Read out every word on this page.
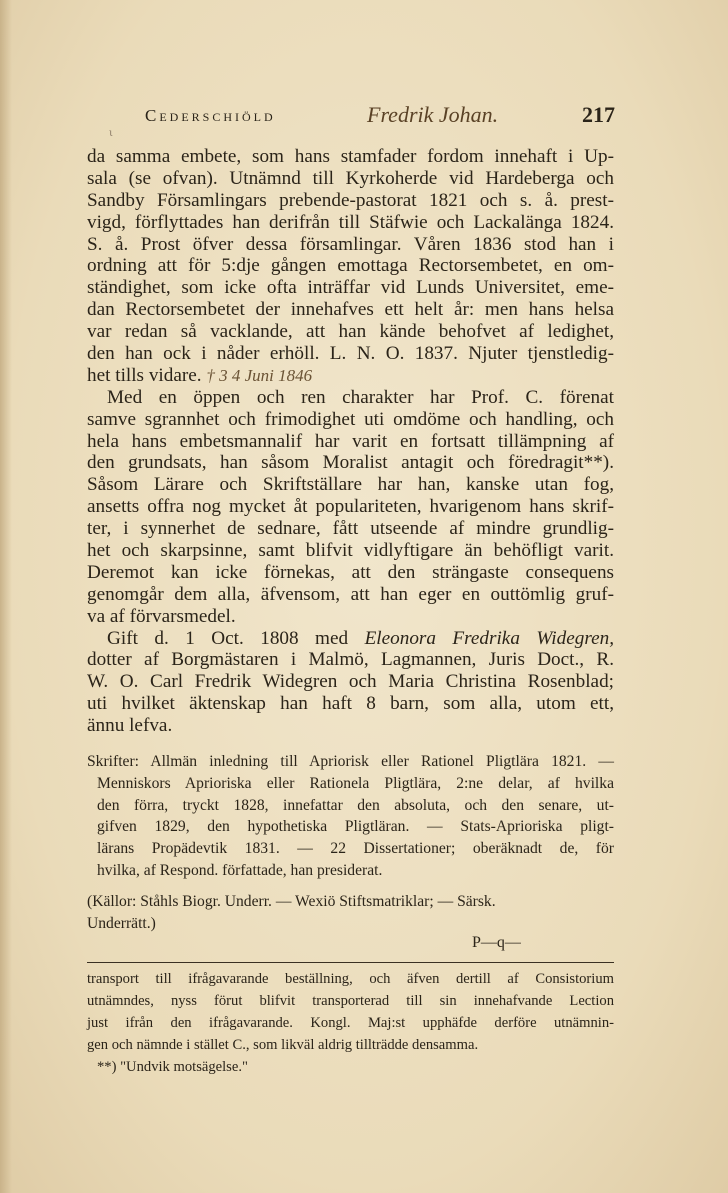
ι
Cederschiöld	Fredrik Johan.	217
da samma embete, som hans stamfader fordom innehaft i Up-
sala (se ofvan). Utnämnd till Kyrkoherde vid Hardeberga och
Sandby Församlingars prebende-pastorat 1821 och s. å. prest-
vigd, förflyttades han derifrån till Stäfwie och Lackalänga 1824.
S. å. Prost öfver dessa församlingar. Våren 1836 stod han i
ordning att för 5:dje gången emottaga Rectorsembetet, en om-
ständighet, som icke ofta inträffar vid Lunds Universitet, eme-
dan Rectorsembetet der innehafves ett helt år: men hans helsa
var redan så vacklande, att han kände behofvet af ledighet,
den han ock i nåder erhöll. L. N. O. 1837. Njuter tjenstledig-
het tills vidare. † 3 4 Juni 1846
Med en öppen och ren charakter har Prof. C. förenat
samve sgrannhet och frimodighet uti omdöme och handling, och
hela hans embetsmannalif har varit en fortsatt tillämpning af
den grundsats, han såsom Moralist antagit och föredragit**).
Såsom Lärare och Skriftställare har han, kanske utan fog,
ansetts offra nog mycket åt populariteten, hvarigenom hans skrif-
ter, i synnerhet de sednare, fått utseende af mindre grundlig-
het och skarpsinne, samt blifvit vidlyftigare än behöfligt varit.
Deremot kan icke förnekas, att den strängaste consequens
genomgår dem alla, äfvensom, att han eger en outtömlig gruf-
va af förvarsmedel.
Gift d. 1 Oct. 1808 med Eleonora Fredrika Widegren,
dotter af Borgmästaren i Malmö, Lagmannen, Juris Doct., R.
W. O. Carl Fredrik Widegren och Maria Christina Rosenblad;
uti hvilket äktenskap han haft 8 barn, som alla, utom ett,
ännu lefva.
Skrifter: Allmän inledning till Apriorisk eller Rationel Pligtlära 1821. —
Menniskors Aprioriska eller Rationela Pligtlära, 2:ne delar, af hvilka
den förra, tryckt 1828, innefattar den absoluta, och den senare, ut-
gifven 1829, den hypothetiska Pligtläran. — Stats-Aprioriska pligt-
lärans Propädevtik 1831. — 22 Dissertationer; oberäknadt de, för
hvilka, af Respond. författade, han presiderat.
(Källor: Ståhls Biogr. Underr. — Wexiö Stiftsmatriklar; — Särsk.
Underrätt.)
P—q—
transport till ifrågavarande beställning, och äfven dertill af Consistorium
utnämndes, nyss förut blifvit transporterad till sin innehafvande Lection
just ifrån den ifrågavarande. Kongl. Maj:st upphäfde derföre utnämnin-
gen och nämnde i stället C., som likväl aldrig tillträdde densamma.
**) "Undvik motsägelse."
